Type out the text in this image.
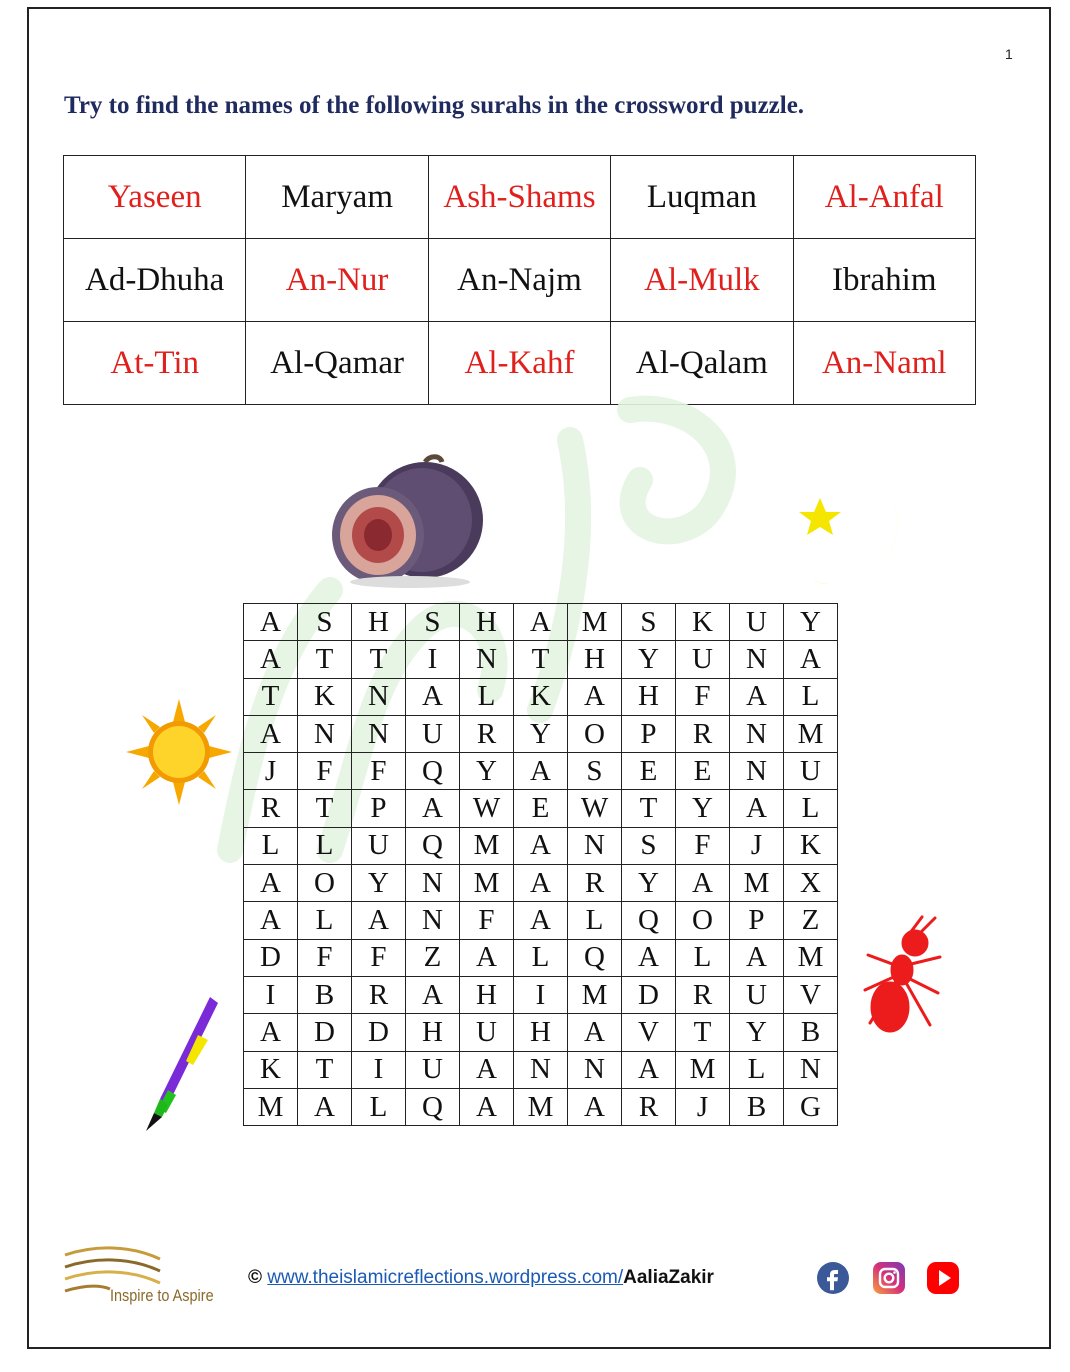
1
Try to find the names of the following surahs in the crossword puzzle.
Yaseen	Maryam	Ash-Shams	Luqman	Al-Anfal
Ad-Dhuha	An-Nur	An-Najm	Al-Mulk	Ibrahim
At-Tin	Al-Qamar	Al-Kahf	Al-Qalam	An-Naml
A	S	H	S	H	A	M	S	K	U	Y
A	T	T	I	N	T	H	Y	U	N	A
T	K	N	A	L	K	A	H	F	A	L
A	N	N	U	R	Y	O	P	R	N	M
J	F	F	Q	Y	A	S	E	E	N	U
R	T	P	A	W	E	W	T	Y	A	L
L	L	U	Q	M	A	N	S	F	J	K
A	O	Y	N	M	A	R	Y	A	M	X
A	L	A	N	F	A	L	Q	O	P	Z
D	F	F	Z	A	L	Q	A	L	A	M
I	B	R	A	H	I	M	D	R	U	V
A	D	D	H	U	H	A	V	T	Y	B
K	T	I	U	A	N	N	A	M	L	N
M	A	L	Q	A	M	A	R	J	B	G
Inspire to Aspire
© www.theislamicreflections.wordpress.com/AaliaZakir
